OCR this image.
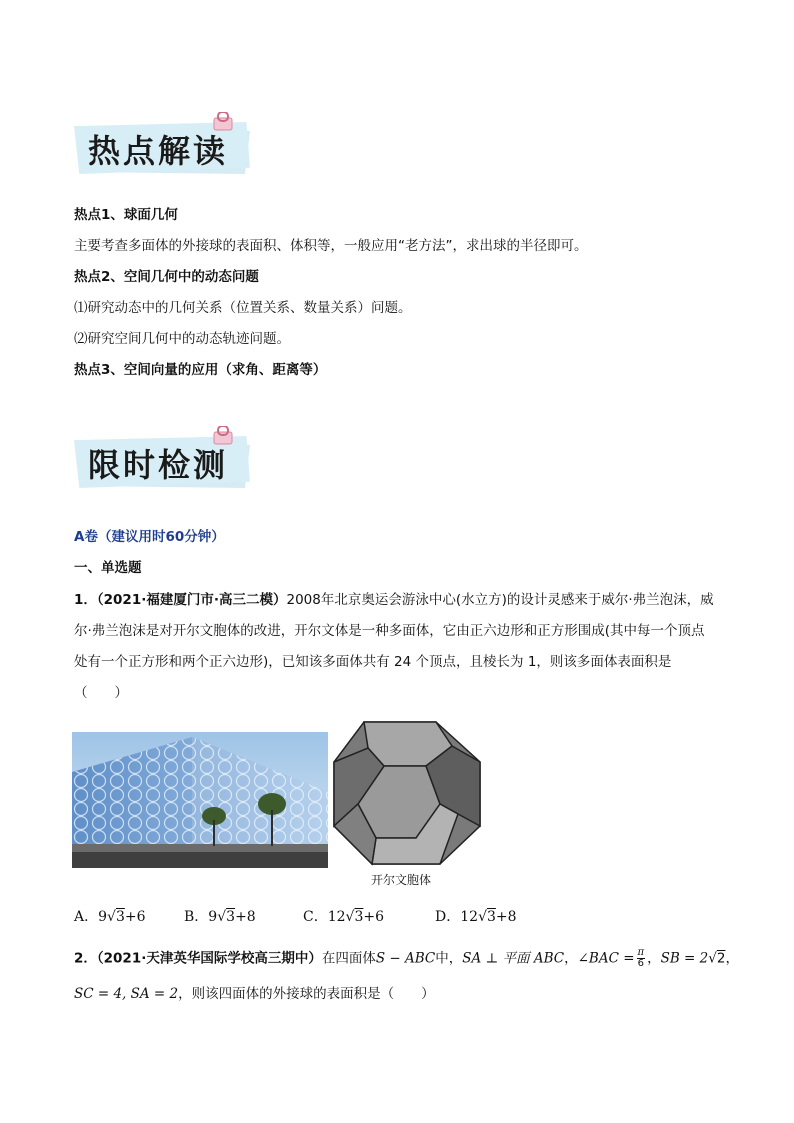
热点解读
热点1、球面几何
主要考查多面体的外接球的表面积、体积等，一般应用“老方法”，求出球的半径即可。
热点2、空间几何中的动态问题
⑴研究动态中的几何关系（位置关系、数量关系）问题。
⑵研究空间几何中的动态轨迹问题。
热点3、空间向量的应用（求角、距离等）
限时检测
A卷（建议用时60分钟）
一、单选题
1．（2021·福建厦门市·高三二模）2008年北京奥运会游泳中心(水立方)的设计灵感来于威尔·弗兰泡沫，威
尔·弗兰泡沫是对开尔文胞体的改进，开尔文体是一种多面体，它由正六边形和正方形围成(其中每一个顶点
处有一个正方形和两个正六边形)，已知该多面体共有 24 个顶点，且棱长为 1，则该多面体表面积是
（　　）
开尔文胞体
A．9√3+6	B．9√3+8	C．12√3+6	D．12√3+8
2．（2021·天津英华国际学校高三期中）在四面体S − ABC中，SA ⊥ 平面 ABC，∠BAC = $\frac{\pi}{6}$ ，SB = 2√2，
SC = 4, SA = 2，则该四面体的外接球的表面积是（　　）
